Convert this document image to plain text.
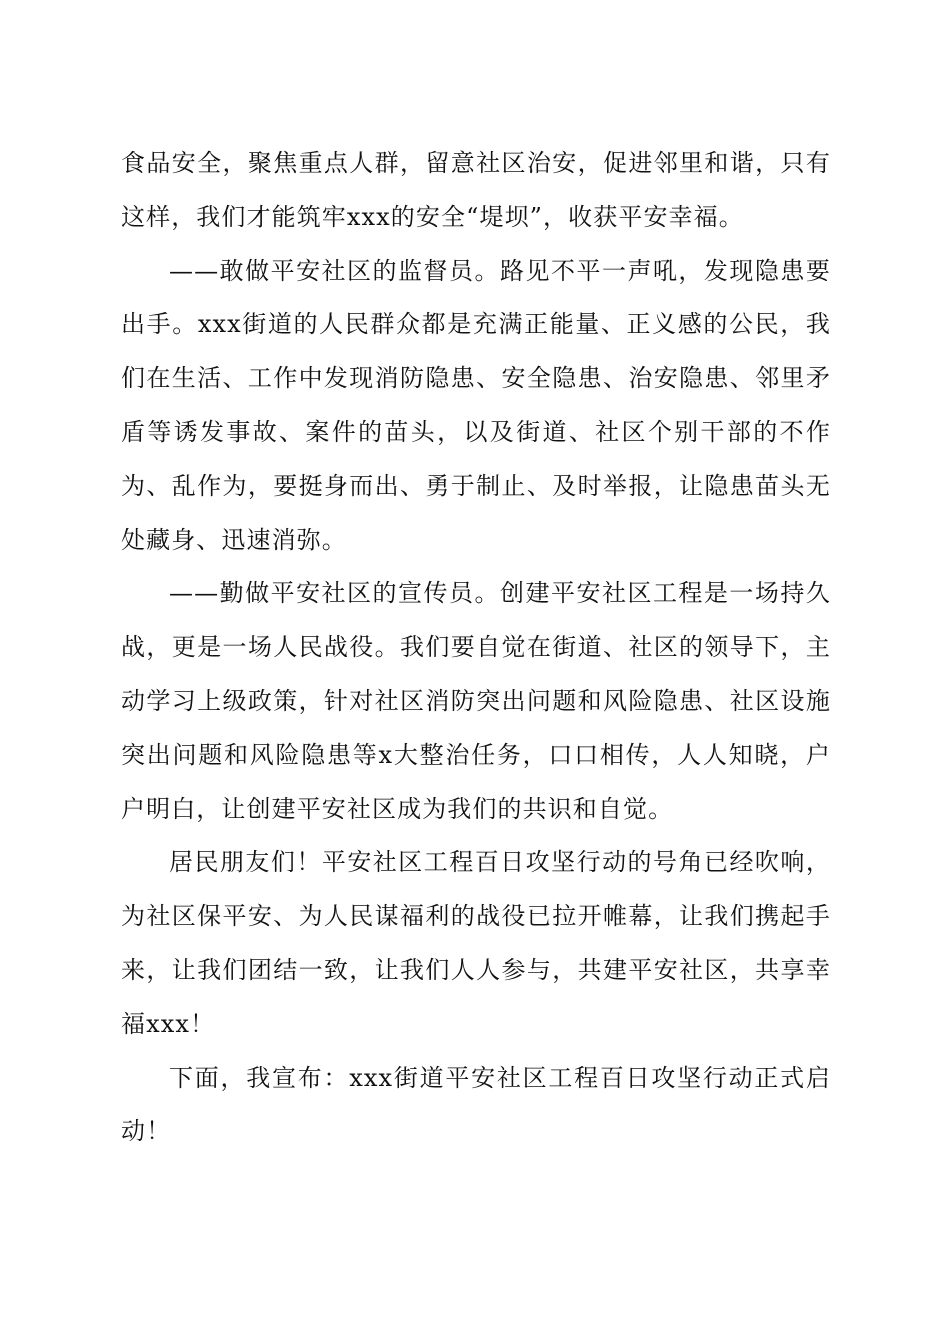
食品安全，聚焦重点人群，留意社区治安，促进邻里和谐，只有这样，我们才能筑牢xxx的安全“堤坝”，收获平安幸福。

——敢做平安社区的监督员。路见不平一声吼，发现隐患要出手。xxx街道的人民群众都是充满正能量、正义感的公民，我们在生活、工作中发现消防隐患、安全隐患、治安隐患、邻里矛盾等诱发事故、案件的苗头，以及街道、社区个别干部的不作为、乱作为，要挺身而出、勇于制止、及时举报，让隐患苗头无处藏身、迅速消弥。

——勤做平安社区的宣传员。创建平安社区工程是一场持久战，更是一场人民战役。我们要自觉在街道、社区的领导下，主动学习上级政策，针对社区消防突出问题和风险隐患、社区设施突出问题和风险隐患等x大整治任务，口口相传，人人知晓，户户明白，让创建平安社区成为我们的共识和自觉。

居民朋友们！平安社区工程百日攻坚行动的号角已经吹响，为社区保平安、为人民谋福利的战役已拉开帷幕，让我们携起手来，让我们团结一致，让我们人人参与，共建平安社区，共享幸福xxx！

下面，我宣布：xxx街道平安社区工程百日攻坚行动正式启动！
